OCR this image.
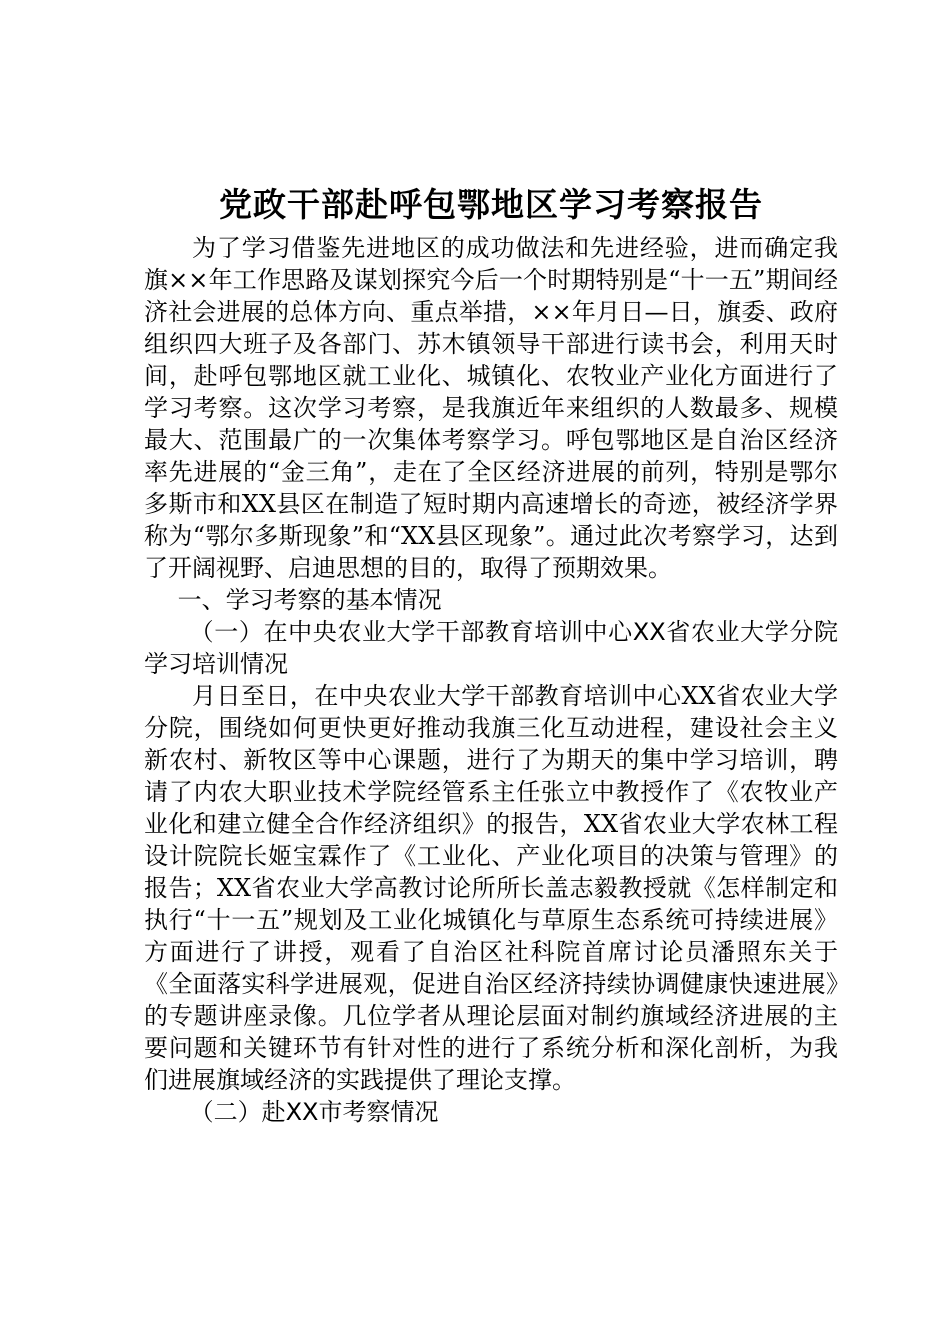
党政干部赴呼包鄂地区学习考察报告

为了学习借鉴先进地区的成功做法和先进经验，进而确定我旗××年工作思路及谋划探究今后一个时期特别是“十一五”期间经济社会进展的总体方向、重点举措，××年月日—日，旗委、政府组织四大班子及各部门、苏木镇领导干部进行读书会，利用天时间，赴呼包鄂地区就工业化、城镇化、农牧业产业化方面进行了学习考察。这次学习考察，是我旗近年来组织的人数最多、规模最大、范围最广的一次集体考察学习。呼包鄂地区是自治区经济率先进展的“金三角”，走在了全区经济进展的前列，特别是鄂尔多斯市和XX县区在制造了短时期内高速增长的奇迹，被经济学界称为“鄂尔多斯现象”和“XX县区现象”。通过此次考察学习，达到了开阔视野、启迪思想的目的，取得了预期效果。

一、学习考察的基本情况

（一）在中央农业大学干部教育培训中心XX省农业大学分院学习培训情况

月日至日，在中央农业大学干部教育培训中心XX省农业大学分院，围绕如何更快更好推动我旗三化互动进程，建设社会主义新农村、新牧区等中心课题，进行了为期天的集中学习培训，聘请了内农大职业技术学院经管系主任张立中教授作了《农牧业产业化和建立健全合作经济组织》的报告，XX省农业大学农林工程设计院院长姬宝霖作了《工业化、产业化项目的决策与管理》的报告；XX省农业大学高教讨论所所长盖志毅教授就《怎样制定和执行“十一五”规划及工业化城镇化与草原生态系统可持续进展》方面进行了讲授，观看了自治区社科院首席讨论员潘照东关于《全面落实科学进展观，促进自治区经济持续协调健康快速进展》的专题讲座录像。几位学者从理论层面对制约旗域经济进展的主要问题和关键环节有针对性的进行了系统分析和深化剖析，为我们进展旗域经济的实践提供了理论支撑。

（二）赴XX市考察情况
